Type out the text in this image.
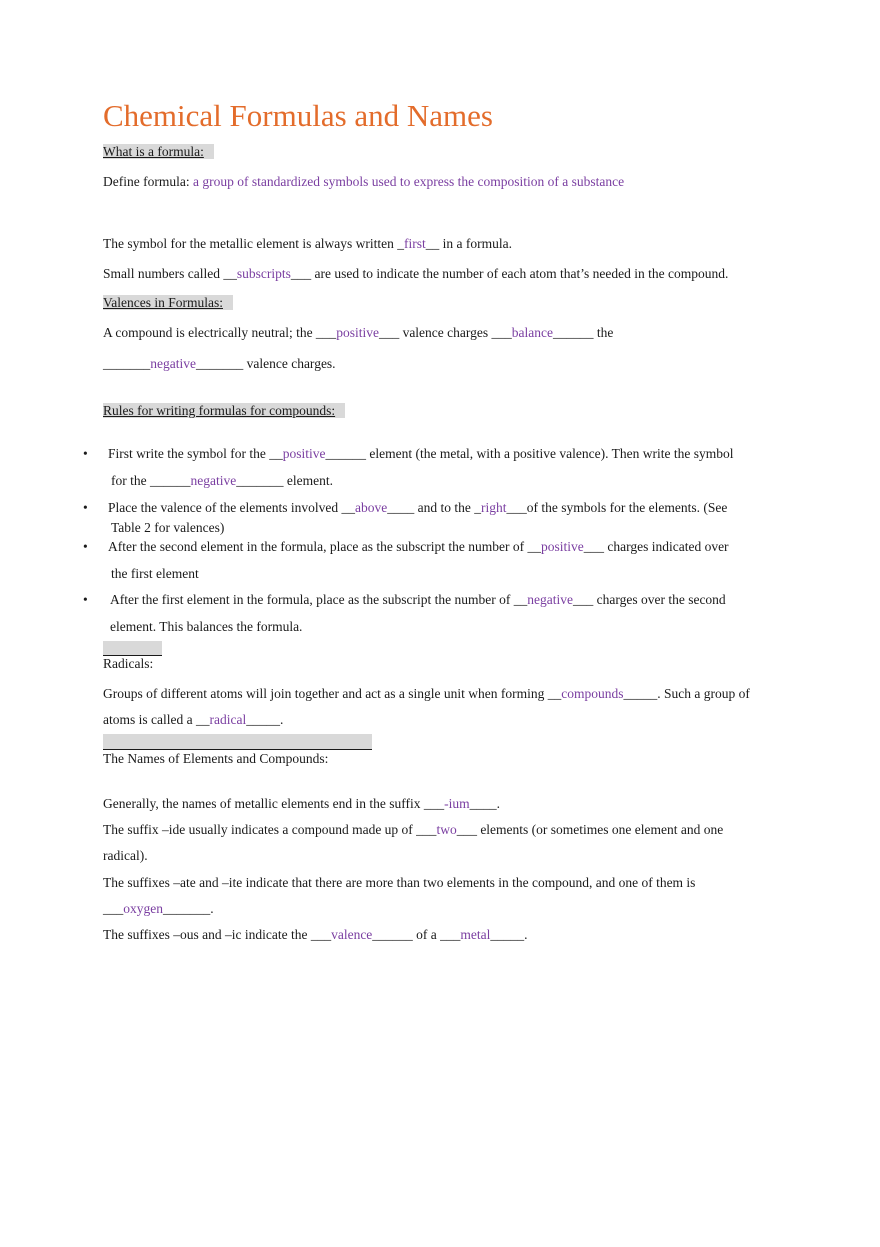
Chemical Formulas and Names
What is a formula:
Define formula: a group of standardized symbols used to express the composition of a substance
The symbol for the metallic element is always written _first__ in a formula.
Small numbers called __subscripts___ are used to indicate the number of each atom that’s needed in the compound.
Valences in Formulas:
A compound is electrically neutral; the ___positive___ valence charges ___balance______ the
_______negative_______ valence charges.
Rules for writing formulas for compounds:
• First write the symbol for the __positive______ element (the metal, with a positive valence). Then write the symbol
for the ______negative_______ element.
• Place the valence of the elements involved __above____ and to the _right___of the symbols for the elements. (See
Table 2 for valences)
• After the second element in the formula, place as the subscript the number of __positive___ charges indicated over
the first element
• After the first element in the formula, place as the subscript the number of __negative___ charges over the second
element. This balances the formula.
Radicals:
Groups of different atoms will join together and act as a single unit when forming __compounds_____. Such a group of
atoms is called a __radical_____.
The Names of Elements and Compounds:
Generally, the names of metallic elements end in the suffix ___-ium____.
The suffix –ide usually indicates a compound made up of ___two___ elements (or sometimes one element and one
radical).
The suffixes –ate and –ite indicate that there are more than two elements in the compound, and one of them is
___oxygen_______.
The suffixes –ous and –ic indicate the ___valence______ of a ___metal_____.
